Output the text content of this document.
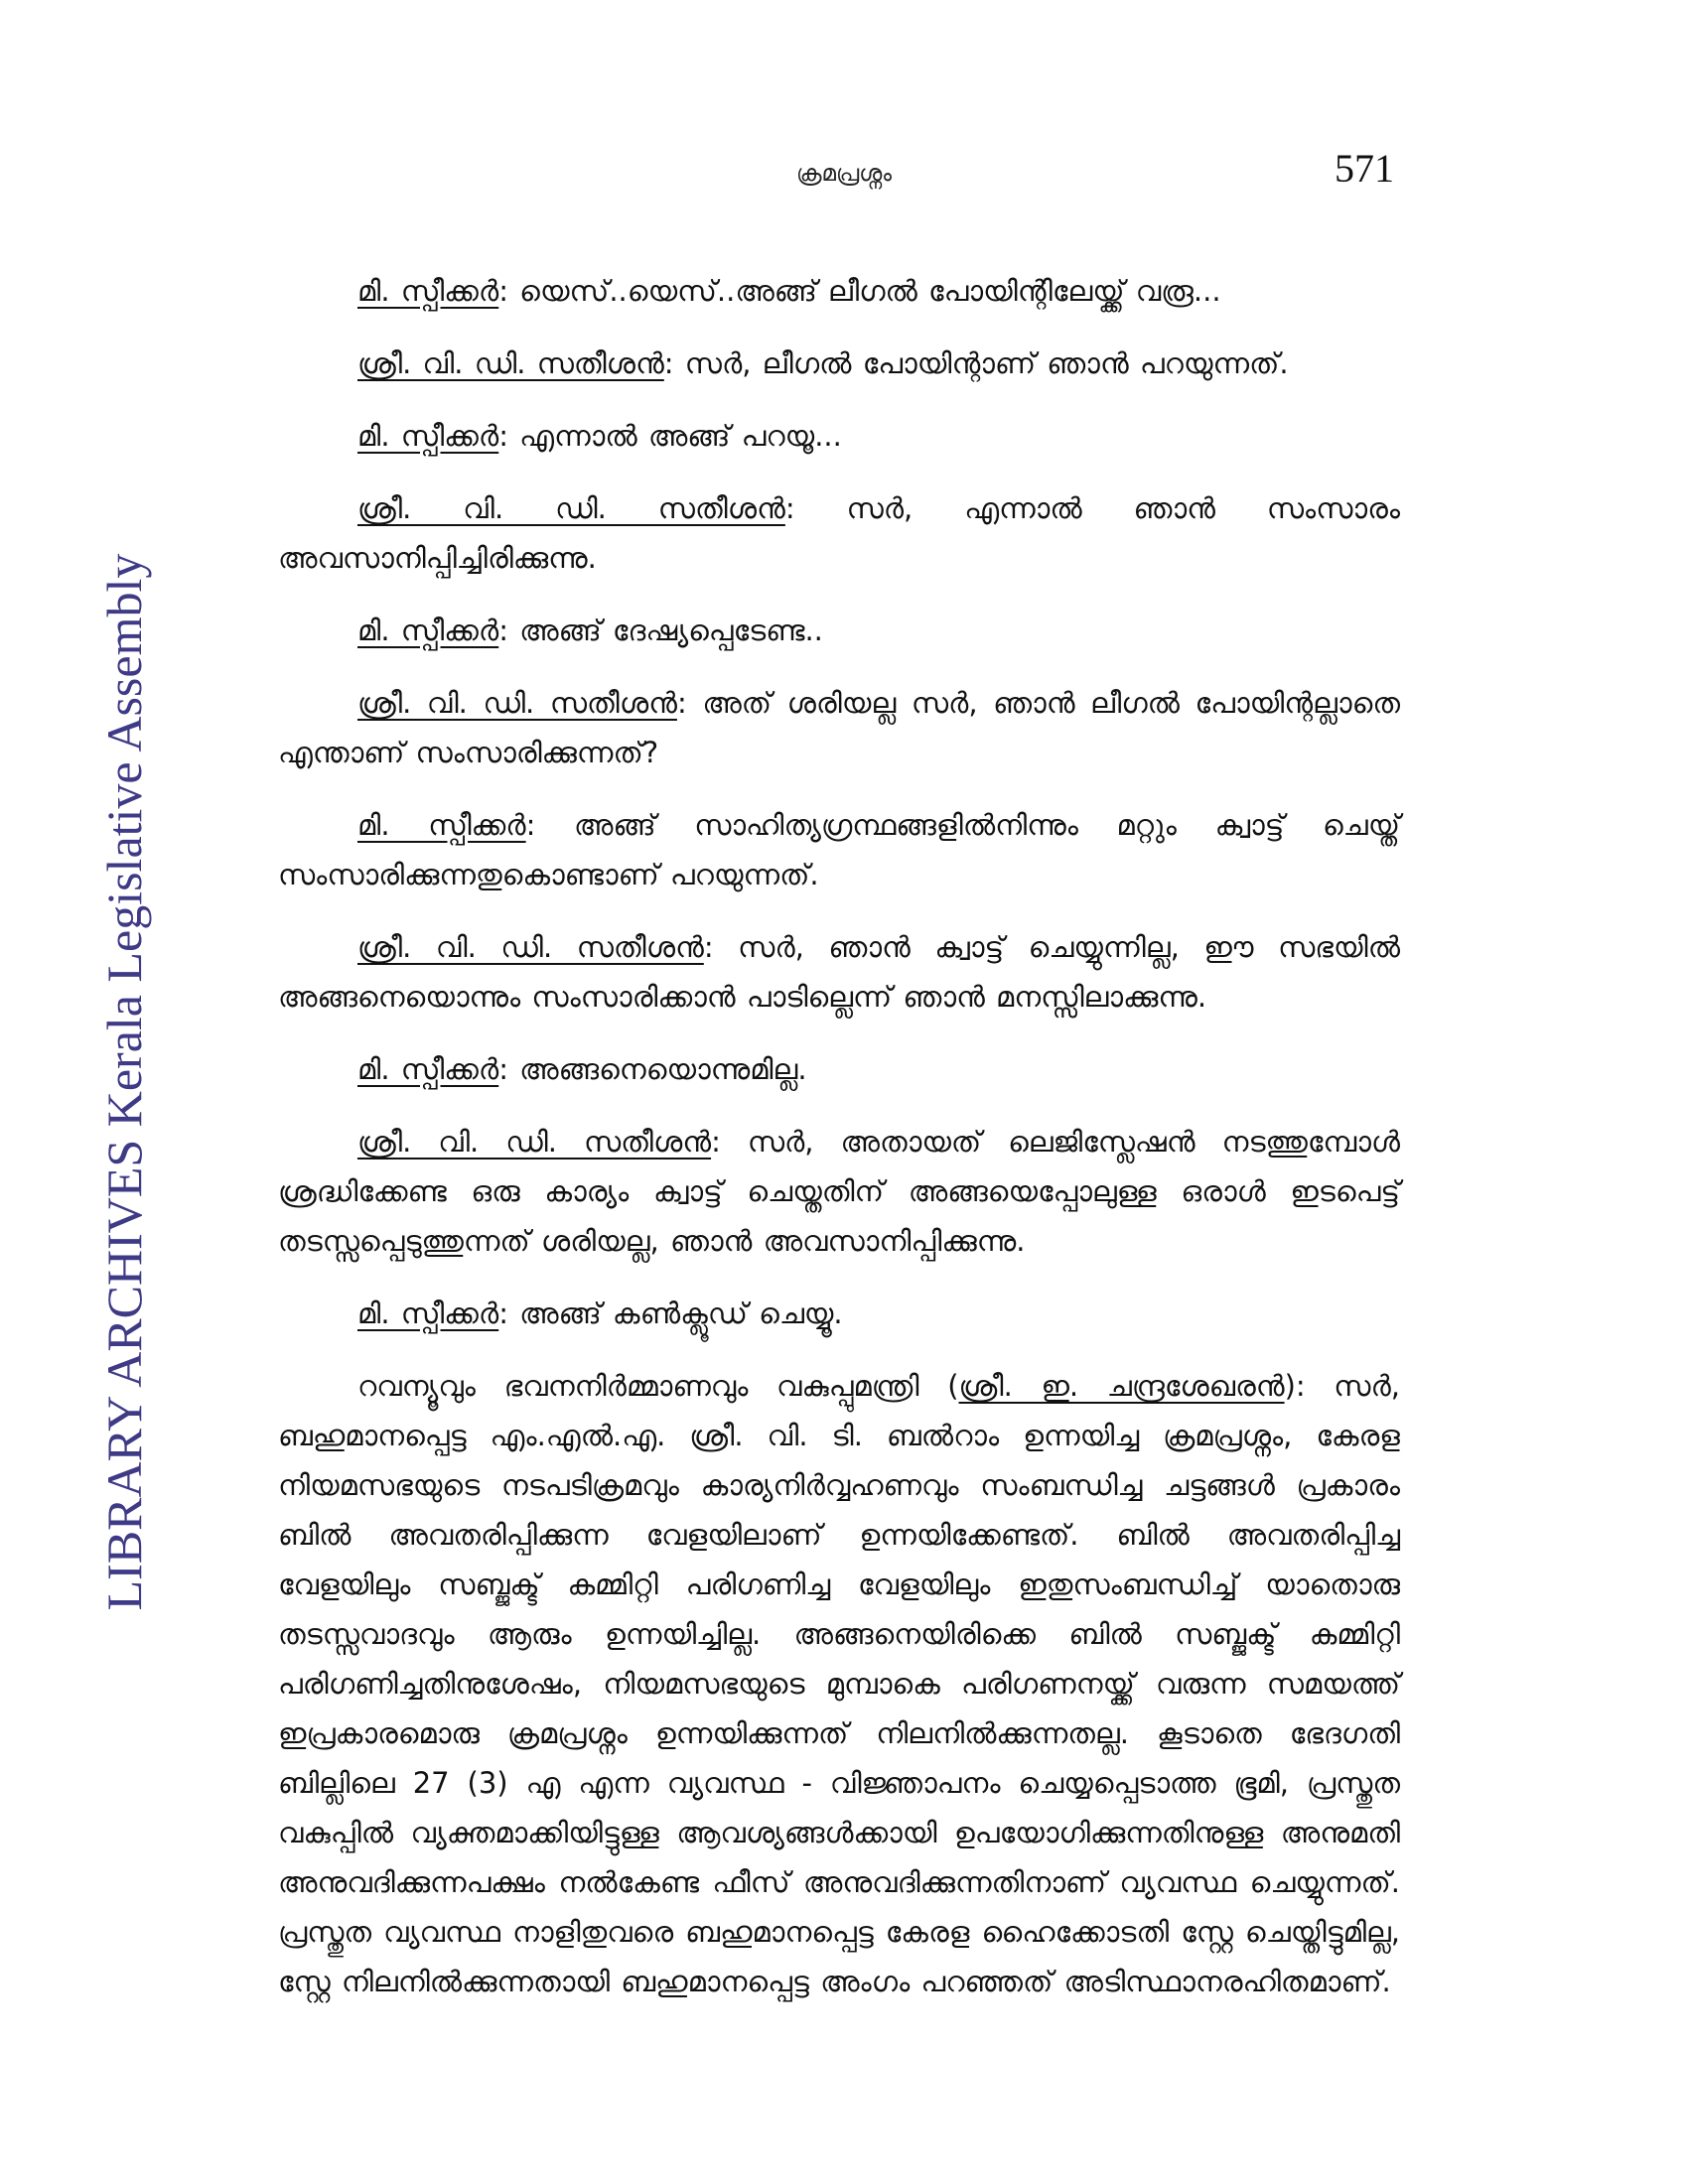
LIBRARY ARCHIVES Kerala Legislative Assembly
ക്രമപ്രശ്നം	571

മി. സ്പീക്കർ: യെസ്..യെസ്..അങ്ങ് ലീഗൽ പോയിന്റിലേയ്ക്ക് വരൂ...

ശ്രീ. വി. ഡി. സതീശൻ: സർ, ലീഗൽ പോയിന്റാണ് ഞാൻ പറയുന്നത്.

മി. സ്പീക്കർ: എന്നാൽ അങ്ങ് പറയൂ...

ശ്രീ. വി. ഡി. സതീശൻ: സർ, എന്നാൽ ഞാൻ സംസാരം അവസാനിപ്പിച്ചിരിക്കുന്നു.

മി. സ്പീക്കർ: അങ്ങ് ദേഷ്യപ്പെടേണ്ട..

ശ്രീ. വി. ഡി. സതീശൻ: അത് ശരിയല്ല സർ, ഞാൻ ലീഗൽ പോയിന്റല്ലാതെ എന്താണ് സംസാരിക്കുന്നത്?

മി. സ്പീക്കർ: അങ്ങ് സാഹിത്യഗ്രന്ഥങ്ങളിൽനിന്നും മറ്റും ക്വാട്ട് ചെയ്ത് സംസാരിക്കുന്നതുകൊണ്ടാണ് പറയുന്നത്.

ശ്രീ. വി. ഡി. സതീശൻ: സർ, ഞാൻ ക്വാട്ട് ചെയ്യുന്നില്ല, ഈ സഭയിൽ അങ്ങനെയൊന്നും സംസാരിക്കാൻ പാടില്ലെന്ന് ഞാൻ മനസ്സിലാക്കുന്നു.

മി. സ്പീക്കർ: അങ്ങനെയൊന്നുമില്ല.

ശ്രീ. വി. ഡി. സതീശൻ: സർ, അതായത് ലെജിസ്ലേഷൻ നടത്തുമ്പോൾ ശ്രദ്ധിക്കേണ്ട ഒരു കാര്യം ക്വാട്ട് ചെയ്തതിന് അങ്ങയെപ്പോലുള്ള ഒരാൾ ഇടപെട്ട് തടസ്സപ്പെടുത്തുന്നത് ശരിയല്ല, ഞാൻ അവസാനിപ്പിക്കുന്നു.

മി. സ്പീക്കർ: അങ്ങ് കൺക്ലൂഡ് ചെയ്യൂ.

റവന്യൂവും ഭവനനിർമ്മാണവും വകുപ്പുമന്ത്രി (ശ്രീ. ഇ. ചന്ദ്രശേഖരൻ): സർ, ബഹുമാനപ്പെട്ട എം.എൽ.എ. ശ്രീ. വി. ടി. ബൽറാം ഉന്നയിച്ച ക്രമപ്രശ്നം, കേരള നിയമസഭയുടെ നടപടിക്രമവും കാര്യനിർവ്വഹണവും സംബന്ധിച്ച ചട്ടങ്ങൾ പ്രകാരം ബിൽ അവതരിപ്പിക്കുന്ന വേളയിലാണ് ഉന്നയിക്കേണ്ടത്. ബിൽ അവതരിപ്പിച്ച വേളയിലും സബ്ജക്ട് കമ്മിറ്റി പരിഗണിച്ച വേളയിലും ഇതുസംബന്ധിച്ച് യാതൊരു തടസ്സവാദവും ആരും ഉന്നയിച്ചില്ല. അങ്ങനെയിരിക്കെ ബിൽ സബ്ജക്ട് കമ്മിറ്റി പരിഗണിച്ചതിനുശേഷം, നിയമസഭയുടെ മുമ്പാകെ പരിഗണനയ്ക്ക് വരുന്ന സമയത്ത് ഇപ്രകാരമൊരു ക്രമപ്രശ്നം ഉന്നയിക്കുന്നത് നിലനിൽക്കുന്നതല്ല. കൂടാതെ ഭേദഗതി ബില്ലിലെ 27 (3) എ എന്ന വ്യവസ്ഥ - വിജ്ഞാപനം ചെയ്യപ്പെടാത്ത ഭൂമി, പ്രസ്തുത വകുപ്പിൽ വ്യക്തമാക്കിയിട്ടുള്ള ആവശ്യങ്ങൾക്കായി ഉപയോഗിക്കുന്നതിനുള്ള അനുമതി അനുവദിക്കുന്നപക്ഷം നൽകേണ്ട ഫീസ് അനുവദിക്കുന്നതിനാണ് വ്യവസ്ഥ ചെയ്യുന്നത്. പ്രസ്തുത വ്യവസ്ഥ നാളിതുവരെ ബഹുമാനപ്പെട്ട കേരള ഹൈക്കോടതി സ്റ്റേ ചെയ്തിട്ടുമില്ല, സ്റ്റേ നിലനിൽക്കുന്നതായി ബഹുമാനപ്പെട്ട അംഗം പറഞ്ഞത് അടിസ്ഥാനരഹിതമാണ്.
